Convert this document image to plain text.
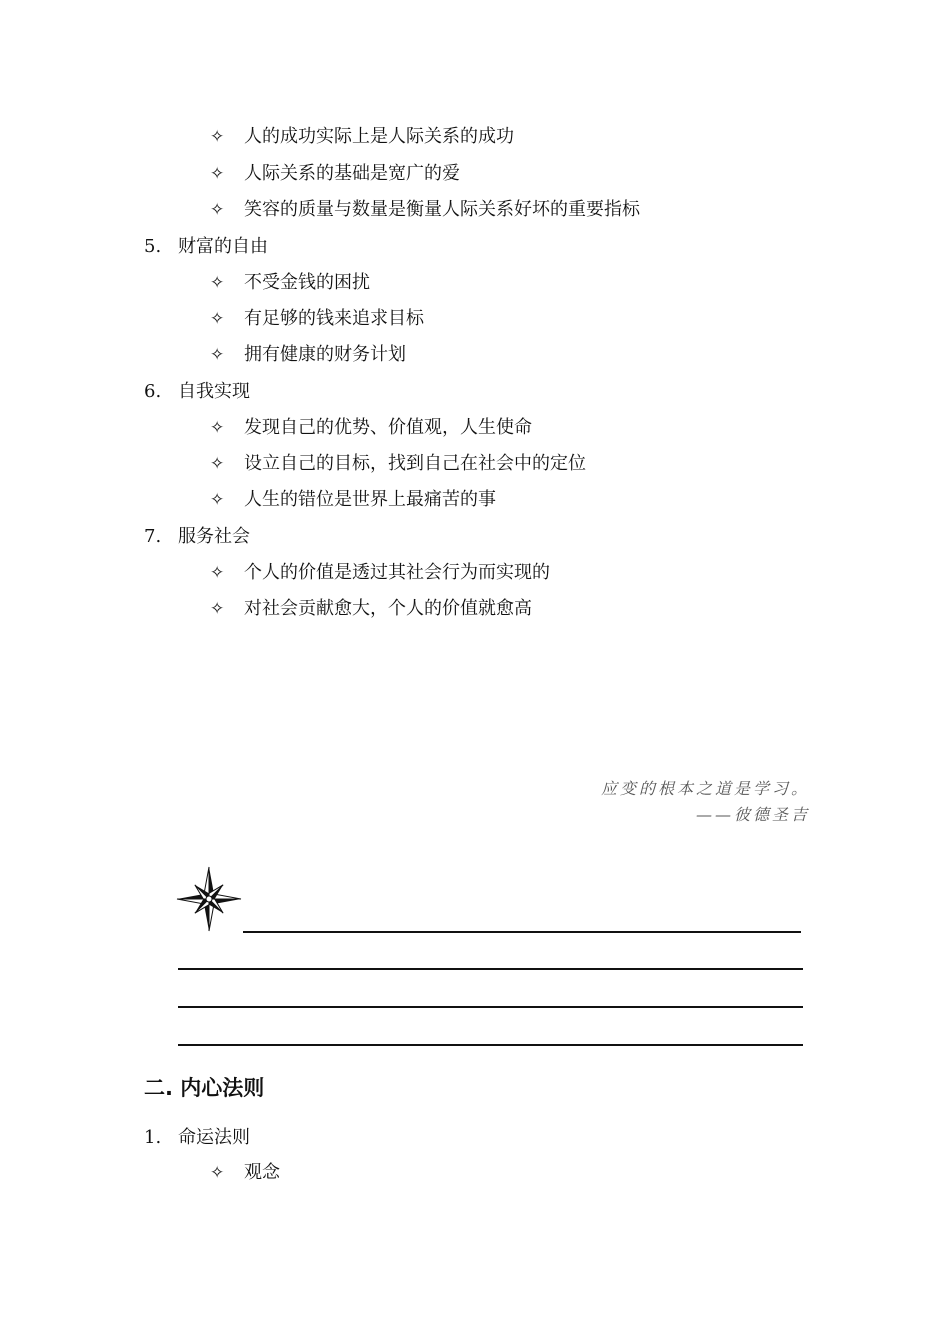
✧	人的成功实际上是人际关系的成功
✧	人际关系的基础是宽广的爱
✧	笑容的质量与数量是衡量人际关系好坏的重要指标
5. 财富的自由
✧	不受金钱的困扰
✧	有足够的钱来追求目标
✧	拥有健康的财务计划
6. 自我实现
✧	发现自己的优势、价值观，人生使命
✧	设立自己的目标，找到自己在社会中的定位
✧	人生的错位是世界上最痛苦的事
7. 服务社会
✧	个人的价值是透过其社会行为而实现的
✧	对社会贡献愈大，个人的价值就愈高
应变的根本之道是学习。
——彼德圣吉
二. 内心法则
1. 命运法则
✧	观念
